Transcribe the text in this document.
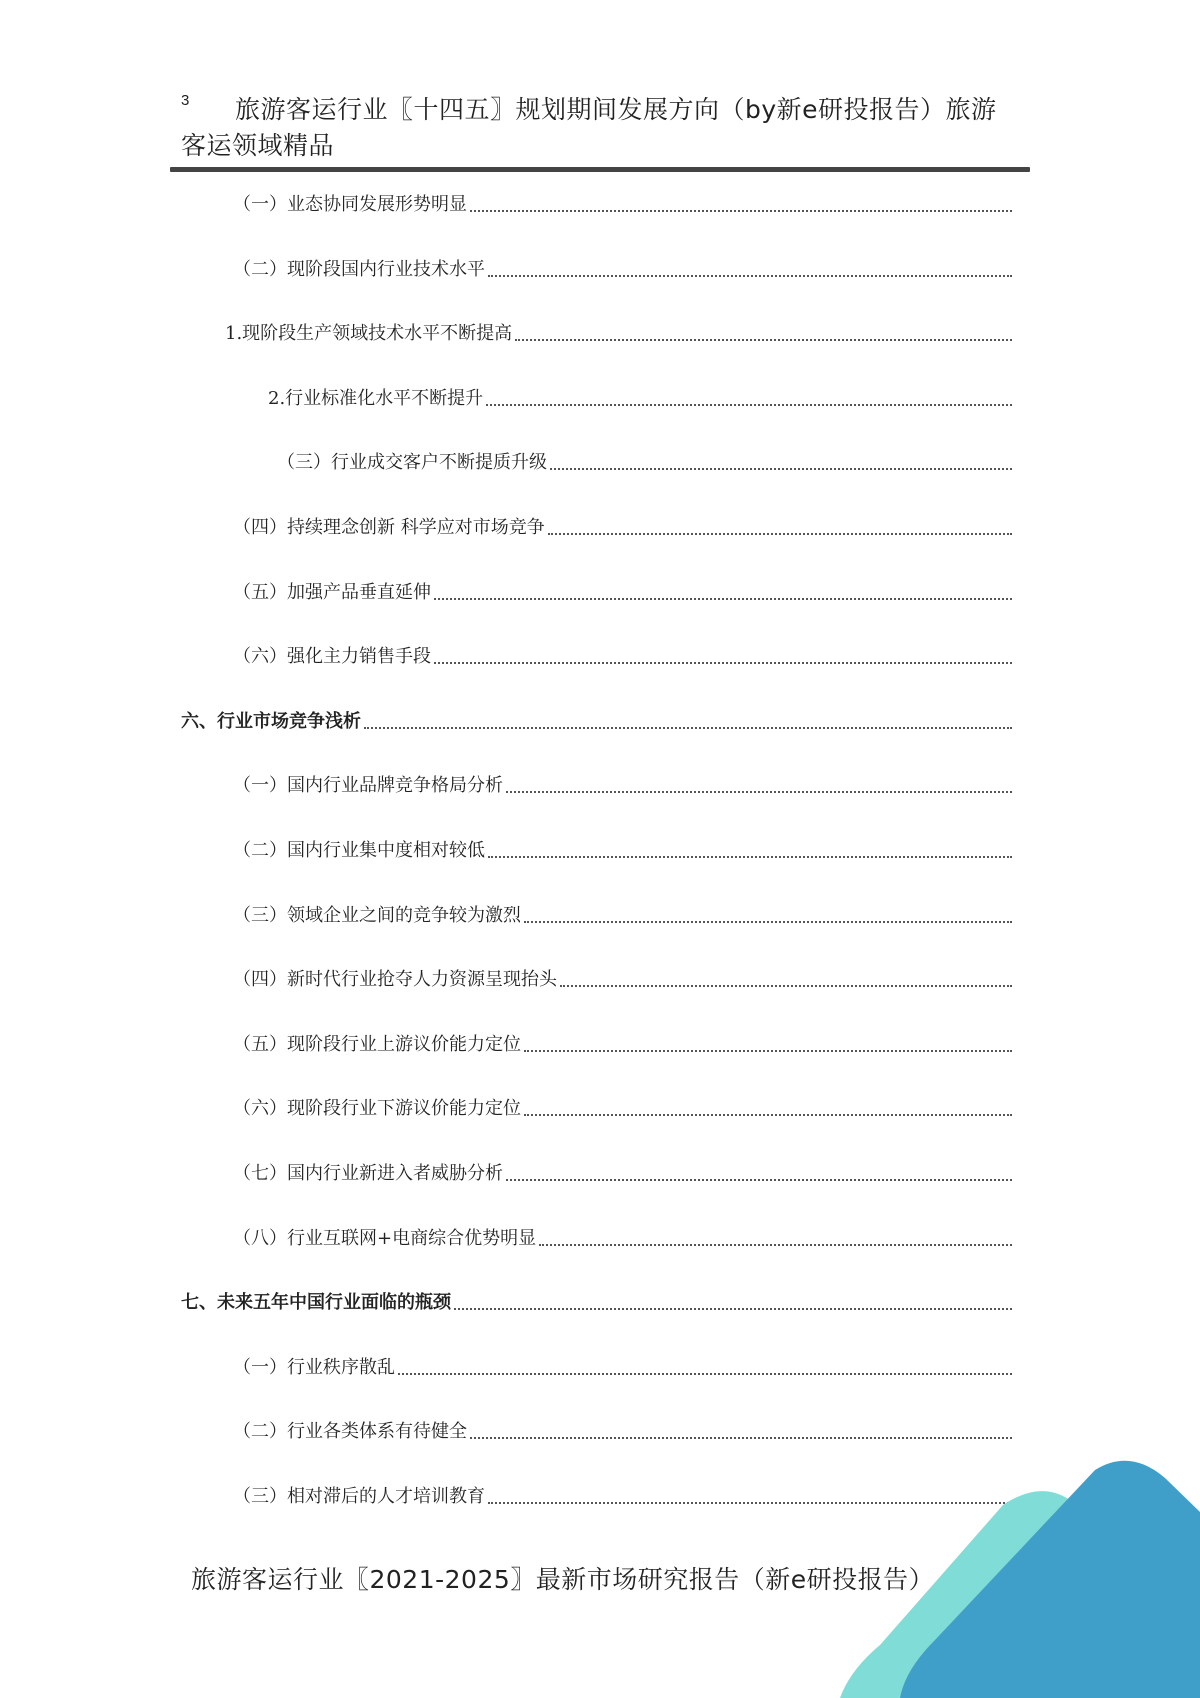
3	旅游客运行业〖十四五〗规划期间发展方向（by新e研投报告）旅游客运领域精品
（一）业态协同发展形势明显
（二）现阶段国内行业技术水平
1.现阶段生产领域技术水平不断提高
2.行业标准化水平不断提升
（三）行业成交客户不断提质升级
（四）持续理念创新 科学应对市场竞争
（五）加强产品垂直延伸
（六）强化主力销售手段
六、行业市场竞争浅析
（一）国内行业品牌竞争格局分析
（二）国内行业集中度相对较低
（三）领域企业之间的竞争较为激烈
（四）新时代行业抢夺人力资源呈现抬头
（五）现阶段行业上游议价能力定位
（六）现阶段行业下游议价能力定位
（七）国内行业新进入者威胁分析
（八）行业互联网+电商综合优势明显
七、未来五年中国行业面临的瓶颈
（一）行业秩序散乱
（二）行业各类体系有待健全
（三）相对滞后的人才培训教育
旅游客运行业〖2021-2025〗最新市场研究报告（新e研投报告）
